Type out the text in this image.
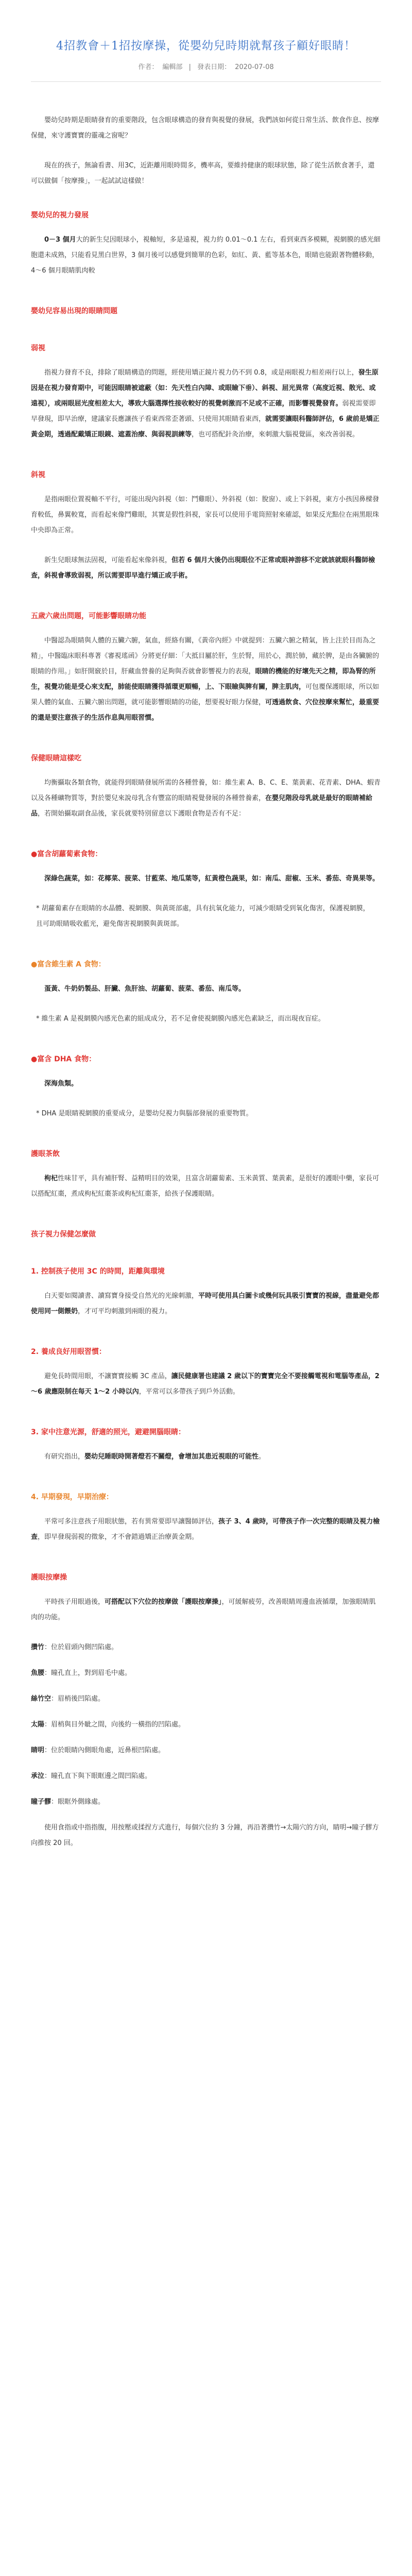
4招教會＋1招按摩操，從嬰幼兒時期就幫孩子顧好眼睛！
作者： 編輯部 | 發表日期： 2020-07-08

嬰幼兒時期是眼睛發育的重要階段，包含眼球構造的發育與視覺的發展，我們該如何從日常生活、飲食作息、按摩保健，來守護寶寶的靈魂之窗呢？

現在的孩子，無論看書、用3C，近距離用眼時間多，機率高，要維持健康的眼球狀態，除了從生活飲食著手，還可以做個「按摩操」，一起試試這樣做！

嬰幼兒的視力發展

0－3 個月大的新生兒因眼球小，視軸短，多是遠視，視力約 0.01～0.1 左右，看到東西多模糊，視網膜的感光細胞還未成熟，只能看見黑白世界，3 個月後可以感覺到簡單的色彩，如紅、黃、藍等基本色，眼睛也能跟著物體移動，4～6 個月眼睛肌肉較

嬰幼兒容易出現的眼睛問題
弱視

指視力發育不良，排除了眼睛構造的問題，經使用矯正鏡片視力仍不到 0.8，或是兩眼視力相差兩行以上，發生原因是在視力發育期中，可能因眼睛被遮蔽（如：先天性白內障、或眼瞼下垂）、斜視、屈光異常（高度近視、散光、或遠視），或兩眼屈光度相差太大，導致大腦選擇性接收較好的視覺刺激而不足或不正確，而影響視覺發育。弱視需要即早發現，即早治療，建議家長應讓孩子看東西常歪著頭、只使用其眼睛看東西，就需要讓眼科醫師評估，6 歲前是矯正黃金期，透過配戴矯正眼鏡、遮蓋治療、與弱視訓練等，也可搭配針灸治療，來刺激大腦視覺區，來改善弱視。

斜視

是指兩眼位置視軸不平行，可能出現內斜視（如：鬥雞眼）、外斜視（如：脫窗）、或上下斜視，東方小孩因鼻樑發育較低，鼻翼較寬，而看起來像鬥雞眼，其實是假性斜視，家長可以使用手電筒照射來確認，如果反光點位在兩黑眼珠中央即為正常。

新生兒眼球無法固視，可能看起來像斜視，但若 6 個月大後仍出現眼位不正常或眼神游移不定就該就眼科醫師檢查，斜視會導致弱視，所以需要即早進行矯正或手術。

五歲六歲出問題，可能影響眼睛功能

中醫認為眼睛與人體的五臟六腑，氣血，經絡有關，《黃帝內經》中就提到：五臟六腑之精氣，皆上注於目而為之精」，中醫臨床眼科專著《審視瑤函》分將更仔細：「大抵目屬於肝，生於腎，用於心，潤於肺，藏於脾，是由各臟腑的眼睛的作用。」如肝開竅於目，肝藏血營養的足夠與否就會影響視力的表現，眼睛的機能的好壞先天之精，即為腎的所生，視覺功能是受心來支配，肺能使眼睛獲得循環更順暢，上、下眼瞼與脾有關，脾主肌肉，可包覆保護眼球，所以如果人體的氣血、五臟六腑出問題，就可能影響眼睛的功能，想要視好眼力保健，可透過飲食、穴位按摩來幫忙，最重要的還是要注意孩子的生活作息與用眼習慣。

保健眼睛這樣吃

均衡攝取各類食物，就能得到眼睛發展所需的各種營養，如：維生素 A、B、C、E、葉黃素、花青素、DHA、蝦青以及各種礦物質等，對於嬰兒來說母乳含有豐富的眼睛視覺發展的各種營養素，在嬰兒階段母乳就是最好的眼睛補給品，若開始攝取副食品後，家長就要特別留意以下護眼食物是否有不足：

●富含胡蘿蔔素食物：

深綠色蔬菜，如：花椰菜、菠菜、甘藍菜、地瓜葉等，紅黃橙色蔬果，如：南瓜、甜椒、玉米、番茄、奇異果等。

* 胡蘿蔔素存在眼睛的水晶體、視網膜、與黃斑部處，具有抗氧化能力，可減少眼睛受到氧化傷害，保護視網膜，且可助眼睛吸收藍光，避免傷害視網膜與黃斑部。

●富含維生素 A 食物：

蛋黃、牛奶奶製品、肝臟、魚肝油、胡蘿蔔、菠菜、番茄、南瓜等。

* 維生素 A 是視網膜內感光色素的組成成分，若不足會使視網膜內感光色素缺乏，而出現夜盲症。

●富含 DHA 食物：

深海魚類。

* DHA 是眼睛視網膜的重要成分，是嬰幼兒視力與腦部發展的重要物質。

護眼茶飲

枸杞性味甘平，具有補肝腎、益精明目的效果，且富含胡蘿蔔素、玉米黃質、葉黃素，是很好的護眼中藥，家長可以搭配紅棗，煮成枸杞紅棗茶或枸杞紅棗茶，給孩子保護眼睛。

孩子視力保健怎麼做
1. 控制孩子使用 3C 的時間，距離與環境

白天要如閱讀書、讀寫寶身接受自然光的光線刺激，平時可使用具白圖卡或幾何玩具吸引寶寶的視線，盡量避免都使用同一側餵奶，才可平均刺激到兩眼的視力。

2. 養成良好用眼習慣：

避免長時間用眼，不讓寶寶接觸 3C 產品，讓民健康署也建議 2 歲以下的寶寶完全不要接觸電視和電腦等產品，2～6 歲應限制在每天 1～2 小時以內，平常可以多帶孩子到戶外活動。

3. 家中注意光源，舒適的照光，避避開腦眼睛：

有研究指出，嬰幼兒睡眠時開著燈若不關燈，會增加其患近視眼的可能性。

4. 早期發現，早期治療：

平常可多注意孩子用眼狀態，若有異常要即早讓醫師評估，孩子 3、4 歲時，可帶孩子作一次完整的眼睛及視力檢查，即早發現弱視的徵象，才不會錯過矯正治療黃金期。

護眼按摩操

平時孩子用眼過後，可搭配以下穴位的按摩做「護眼按摩操」，可緩解疲勞，改善眼睛周邊血液循環，加強眼睛肌肉的功能。

攢竹：位於眉頭內側凹陷處。
魚腰：瞳孔直上，對到眉毛中處。
絲竹空：眉梢後凹陷處。
太陽：眉梢與目外眦之間，向後約一橫指的凹陷處。
睛明：位於眼睛內側眼角處，近鼻根凹陷處。
承泣：瞳孔直下與下眼眶邊之間凹陷處。
瞳子髎：眼眶外側緣處。

使用食指或中指指腹，用按壓或揉捏方式進行，每個穴位約 3 分鐘，再沿著攢竹→太陽穴的方向，睛明→瞳子髎方向推按 20 回。
